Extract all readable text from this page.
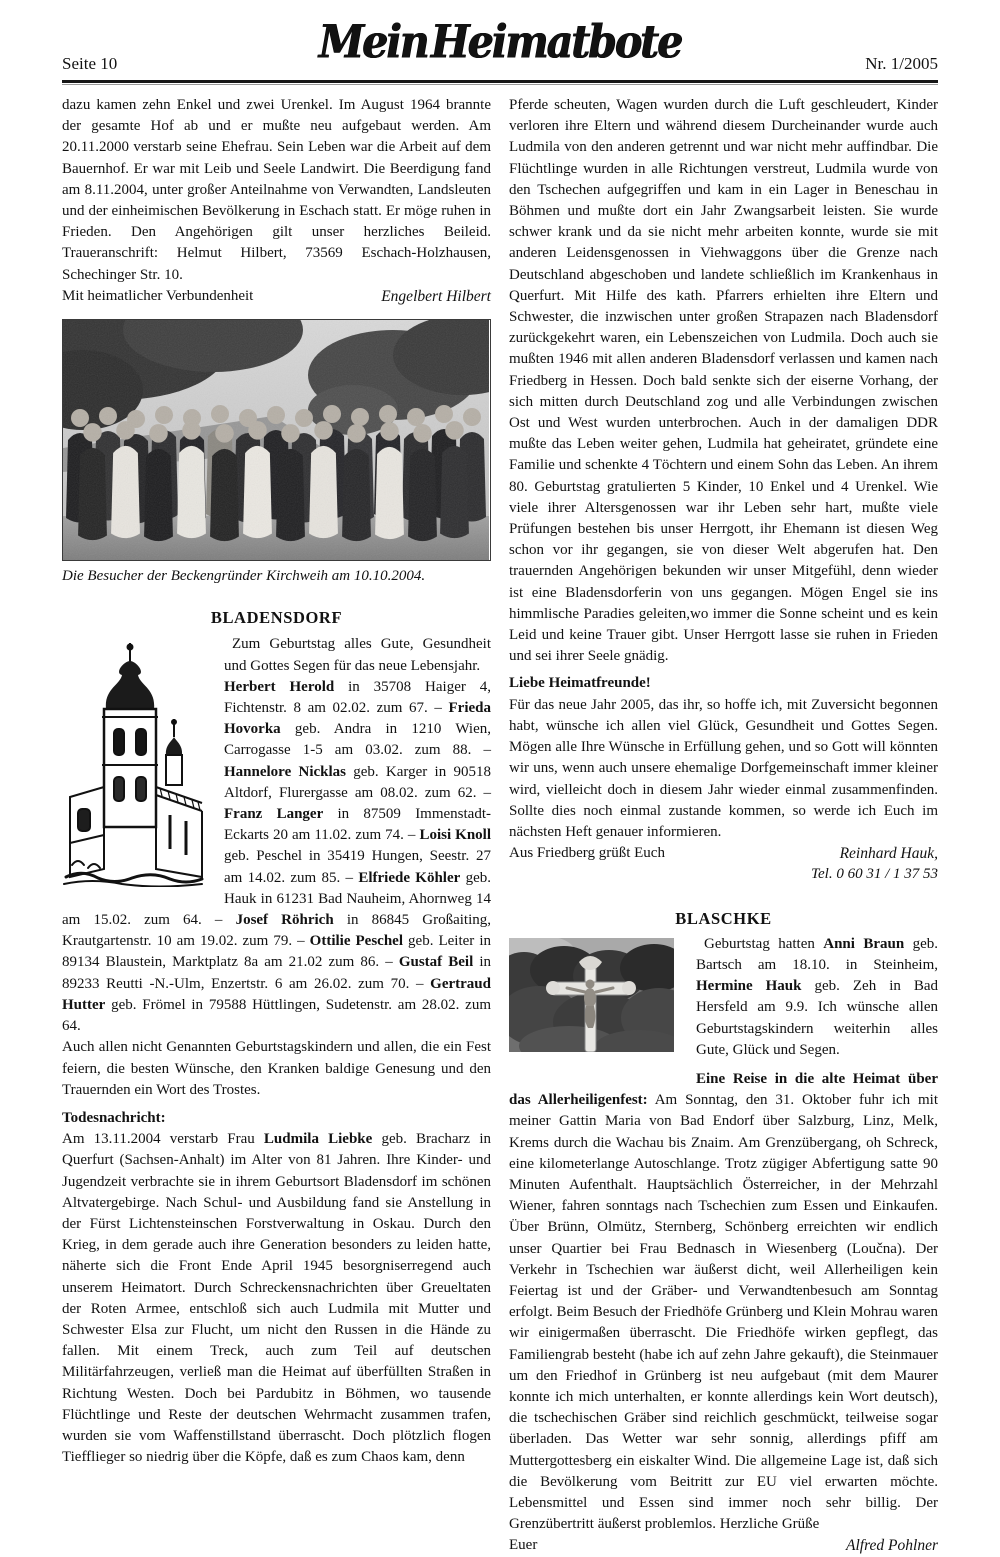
Seite 10	Mein Heimatbote	Nr. 1/2005

dazu kamen zehn Enkel und zwei Urenkel. Im August 1964 brannte der gesamte Hof ab und er mußte neu aufgebaut werden. Am 20.11.2000 verstarb seine Ehefrau. Sein Leben war die Arbeit auf dem Bauernhof. Er war mit Leib und Seele Landwirt. Die Beerdigung fand am 8.11.2004, unter großer Anteilnahme von Verwandten, Landsleuten und der einheimischen Bevölkerung in Eschach statt. Er möge ruhen in Frieden. Den Angehörigen gilt unser herzliches Beileid. Traueranschrift: Helmut Hilbert, 73569 Eschach-Holzhausen, Schechinger Str. 10.

Mit heimatlicher Verbundenheit	Engelbert Hilbert

Die Besucher der Beckengründer Kirchweih am 10.10.2004.

BLADENSDORF

Zum Geburtstag alles Gute, Gesundheit und Gottes Segen für das neue Lebensjahr.

Herbert Herold in 35708 Haiger 4, Fichtenstr. 8 am 02.02. zum 67. – Frieda Hovorka geb. Andra in 1210 Wien, Carrogasse 1-5 am 03.02. zum 88. – Hannelore Nicklas geb. Karger in 90518 Altdorf, Flurergasse am 08.02. zum 62. – Franz Langer in 87509 Immenstadt-Eckarts 20 am 11.02. zum 74. – Loisi Knoll geb. Peschel in 35419 Hungen, Seestr. 27 am 14.02. zum 85. – Elfriede Köhler geb. Hauk in 61231 Bad Nauheim, Ahornweg 14 am 15.02. zum 64. – Josef Röhrich in 86845 Großaiting, Krautgartenstr. 10 am 19.02. zum 79. – Ottilie Peschel geb. Leiter in 89134 Blaustein, Marktplatz 8a am 21.02 zum 86. – Gustaf Beil in 89233 Reutti -N.-Ulm, Enzertstr. 6 am 26.02. zum 70. – Gertraud Hutter geb. Frömel in 79588 Hüttlingen, Sudetenstr. am 28.02. zum 64.

Auch allen nicht Genannten Geburtstagskindern und allen, die ein Fest feiern, die besten Wünsche, den Kranken baldige Genesung und den Trauernden ein Wort des Trostes.

Todesnachricht:

Am 13.11.2004 verstarb Frau Ludmila Liebke geb. Bracharz in Querfurt (Sachsen-Anhalt) im Alter von 81 Jahren. Ihre Kinder- und Jugendzeit verbrachte sie in ihrem Geburtsort Bladensdorf im schönen Altvatergebirge. Nach Schul- und Ausbildung fand sie Anstellung in der Fürst Lichtensteinschen Forstverwaltung in Oskau. Durch den Krieg, in dem gerade auch ihre Generation besonders zu leiden hatte, näherte sich die Front Ende April 1945 besorgniserregend auch unserem Heimatort. Durch Schreckensnachrichten über Greueltaten der Roten Armee, entschloß sich auch Ludmila mit Mutter und Schwester Elsa zur Flucht, um nicht den Russen in die Hände zu fallen. Mit einem Treck, auch zum Teil auf deutschen Militärfahrzeugen, verließ man die Heimat auf überfüllten Straßen in Richtung Westen. Doch bei Pardubitz in Böhmen, wo tausende Flüchtlinge und Reste der deutschen Wehrmacht zusammen trafen, wurden sie vom Waffenstillstand überrascht. Doch plötzlich flogen Tiefflieger so niedrig über die Köpfe, daß es zum Chaos kam, denn

Pferde scheuten, Wagen wurden durch die Luft geschleudert, Kinder verloren ihre Eltern und während diesem Durcheinander wurde auch Ludmila von den anderen getrennt und war nicht mehr auffindbar. Die Flüchtlinge wurden in alle Richtungen verstreut, Ludmila wurde von den Tschechen aufgegriffen und kam in ein Lager in Beneschau in Böhmen und mußte dort ein Jahr Zwangsarbeit leisten. Sie wurde schwer krank und da sie nicht mehr arbeiten konnte, wurde sie mit anderen Leidensgenossen in Viehwaggons über die Grenze nach Deutschland abgeschoben und landete schließlich im Krankenhaus in Querfurt. Mit Hilfe des kath. Pfarrers erhielten ihre Eltern und Schwester, die inzwischen unter großen Strapazen nach Bladensdorf zurückgekehrt waren, ein Lebenszeichen von Ludmila. Doch auch sie mußten 1946 mit allen anderen Bladensdorf verlassen und kamen nach Friedberg in Hessen. Doch bald senkte sich der eiserne Vorhang, der sich mitten durch Deutschland zog und alle Verbindungen zwischen Ost und West wurden unterbrochen. Auch in der damaligen DDR mußte das Leben weiter gehen, Ludmila hat geheiratet, gründete eine Familie und schenkte 4 Töchtern und einem Sohn das Leben. An ihrem 80. Geburtstag gratulierten 5 Kinder, 10 Enkel und 4 Urenkel. Wie viele ihrer Altersgenossen war ihr Leben sehr hart, mußte viele Prüfungen bestehen bis unser Herrgott, ihr Ehemann ist diesen Weg schon vor ihr gegangen, sie von dieser Welt abgerufen hat. Den trauernden Angehörigen bekunden wir unser Mitgefühl, denn wieder ist eine Bladensdorferin von uns gegangen. Mögen Engel sie ins himmlische Paradies geleiten,wo immer die Sonne scheint und es kein Leid und keine Trauer gibt. Unser Herrgott lasse sie ruhen in Frieden und sei ihrer Seele gnädig.

Liebe Heimatfreunde!

Für das neue Jahr 2005, das ihr, so hoffe ich, mit Zuversicht begonnen habt, wünsche ich allen viel Glück, Gesundheit und Gottes Segen. Mögen alle Ihre Wünsche in Erfüllung gehen, und so Gott will könnten wir uns, wenn auch unsere ehemalige Dorfgemeinschaft immer kleiner wird, vielleicht doch in diesem Jahr wieder einmal zusammenfinden. Sollte dies noch einmal zustande kommen, so werde ich Euch im nächsten Heft genauer informieren.

Aus Friedberg grüßt Euch	Reinhard Hauk,
Tel. 0 60 31 / 1 37 53
BLASCHKE

Geburtstag hatten Anni Braun geb. Bartsch am 18.10. in Steinheim, Hermine Hauk geb. Zeh in Bad Hersfeld am 9.9. Ich wünsche allen Geburtstagskindern weiterhin alles Gute, Glück und Segen.

Eine Reise in die alte Heimat über das Allerheiligenfest: Am Sonntag, den 31. Oktober fuhr ich mit meiner Gattin Maria von Bad Endorf über Salzburg, Linz, Melk, Krems durch die Wachau bis Znaim. Am Grenzübergang, oh Schreck, eine kilometerlange Autoschlange. Trotz zügiger Abfertigung satte 90 Minuten Aufenthalt. Hauptsächlich Österreicher, in der Mehrzahl Wiener, fahren sonntags nach Tschechien zum Essen und Einkaufen. Über Brünn, Olmütz, Sternberg, Schönberg erreichten wir endlich unser Quartier bei Frau Bednasch in Wiesenberg (Loučna). Der Verkehr in Tschechien war äußerst dicht, weil Allerheiligen kein Feiertag ist und der Gräber- und Verwandtenbesuch am Sonntag erfolgt. Beim Besuch der Friedhöfe Grünberg und Klein Mohrau waren wir einigermaßen überrascht. Die Friedhöfe wirken gepflegt, das Familiengrab besteht (habe ich auf zehn Jahre gekauft), die Steinmauer um den Friedhof in Grünberg ist neu aufgebaut (mit dem Maurer konnte ich mich unterhalten, er konnte allerdings kein Wort deutsch), die tschechischen Gräber sind reichlich geschmückt, teilweise sogar überladen. Das Wetter war sehr sonnig, allerdings pfiff am Muttergottesberg ein eiskalter Wind. Die allgemeine Lage ist, daß sich die Bevölkerung vom Beitritt zur EU viel erwarten möchte. Lebensmittel und Essen sind immer noch sehr billig. Der Grenzübertritt äußerst problemlos. Herzliche Grüße

Euer	Alfred Pohlner
